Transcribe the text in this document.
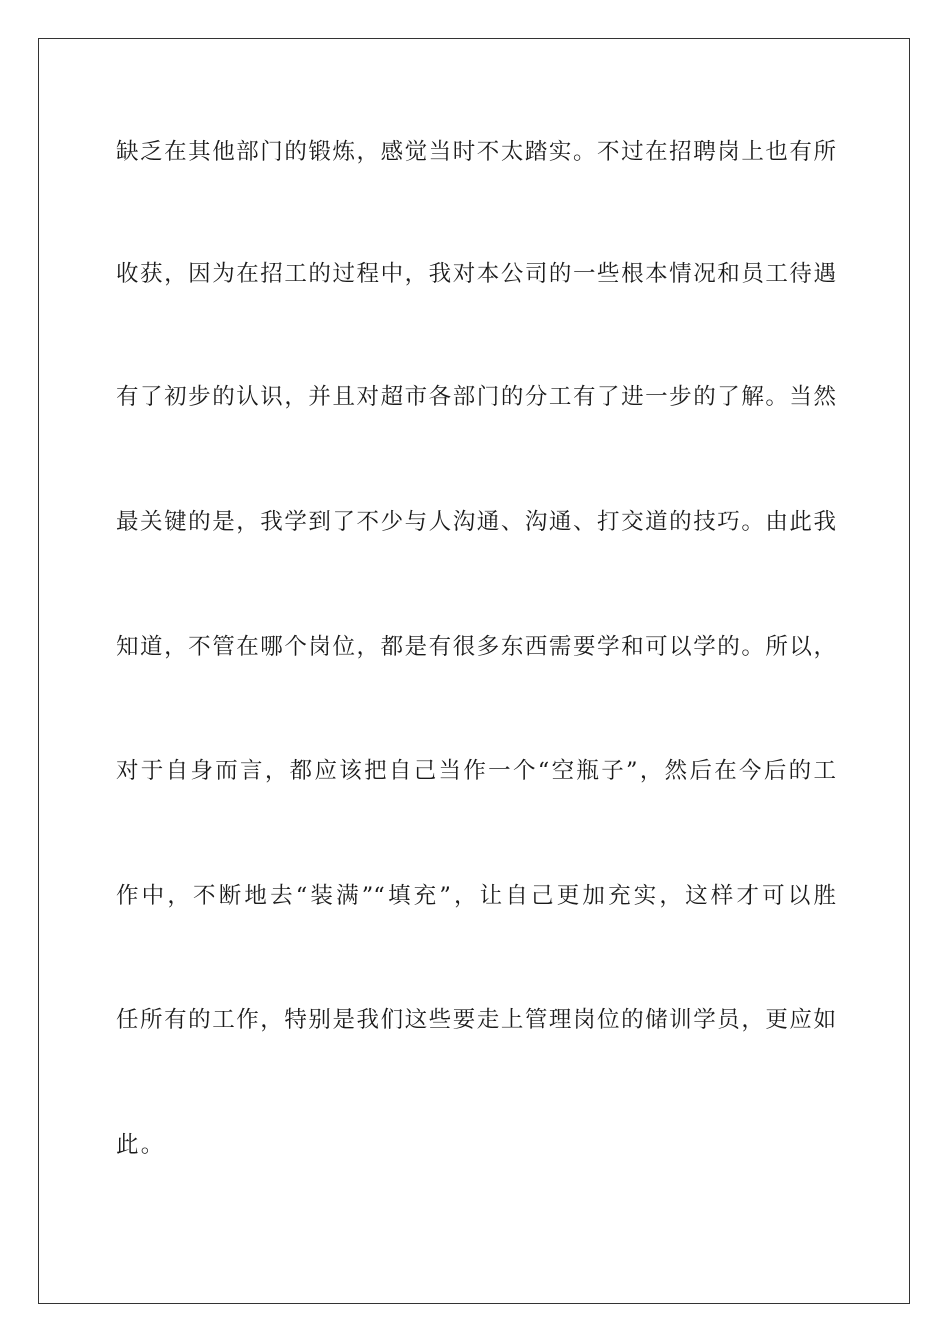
缺乏在其他部门的锻炼，感觉当时不太踏实。不过在招聘岗上也有所
收获，因为在招工的过程中，我对本公司的一些根本情况和员工待遇
有了初步的认识，并且对超市各部门的分工有了进一步的了解。当然
最关键的是，我学到了不少与人沟通、沟通、打交道的技巧。由此我
知道，不管在哪个岗位，都是有很多东西需要学和可以学的。所以，
对于自身而言，都应该把自己当作一个“空瓶子”，然后在今后的工
作中，不断地去“装满”“填充”，让自己更加充实，这样才可以胜
任所有的工作，特别是我们这些要走上管理岗位的储训学员，更应如
此。
